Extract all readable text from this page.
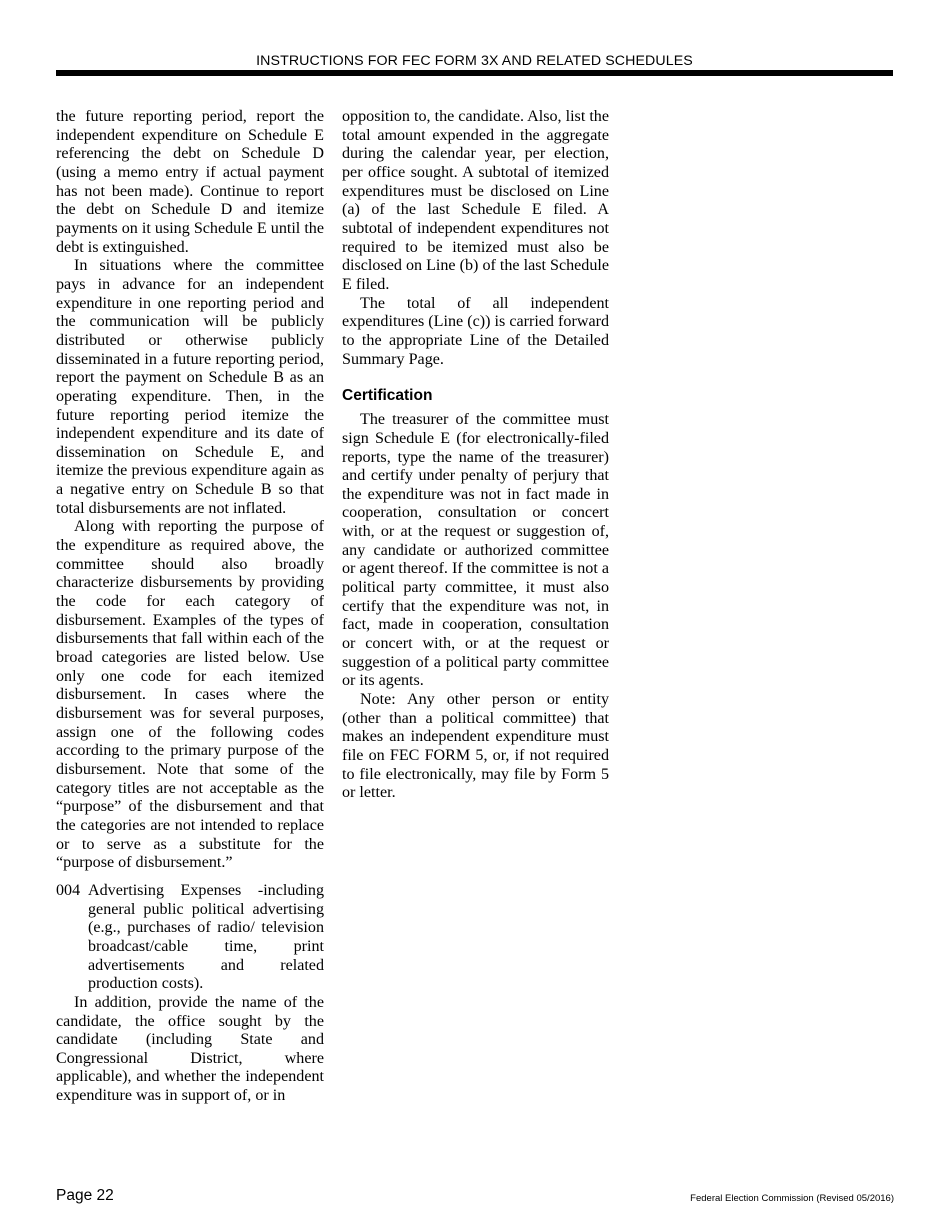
INSTRUCTIONS FOR FEC FORM 3X AND RELATED SCHEDULES

the future reporting period, report the independent expenditure on Schedule E referencing the debt on Schedule D (using a memo entry if actual payment has not been made). Continue to report the debt on Schedule D and itemize payments on it using Schedule E until the debt is extinguished.

In situations where the committee pays in advance for an independent expenditure in one reporting period and the communication will be publicly distributed or otherwise publicly disseminated in a future reporting period, report the payment on Schedule B as an operating expenditure. Then, in the future reporting period itemize the independent expenditure and its date of dissemination on Schedule E, and itemize the previous expenditure again as a negative entry on Schedule B so that total disbursements are not inflated.

Along with reporting the purpose of the expenditure as required above, the committee should also broadly characterize disbursements by providing the code for each category of disbursement. Examples of the types of disbursements that fall within each of the broad categories are listed below. Use only one code for each itemized disbursement. In cases where the disbursement was for several purposes, assign one of the following codes according to the primary purpose of the disbursement. Note that some of the category titles are not acceptable as the “purpose” of the disbursement and that the categories are not intended to replace or to serve as a substitute for the “purpose of disbursement.”

004 Advertising Expenses -including general public political advertising (e.g., purchases of radio/ television broadcast/cable time, print advertisements and related production costs).

In addition, provide the name of the candidate, the office sought by the candidate (including State and Congressional District, where applicable), and whether the independent expenditure was in support of, or in

opposition to, the candidate. Also, list the total amount expended in the aggregate during the calendar year, per election, per office sought. A subtotal of itemized expenditures must be disclosed on Line (a) of the last Schedule E filed. A subtotal of independent expenditures not required to be itemized must also be disclosed on Line (b) of the last Schedule E filed.

The total of all independent expenditures (Line (c)) is carried forward to the appropriate Line of the Detailed Summary Page.

Certification

The treasurer of the committee must sign Schedule E (for electronically-filed reports, type the name of the treasurer) and certify under penalty of perjury that the expenditure was not in fact made in cooperation, consultation or concert with, or at the request or suggestion of, any candidate or authorized committee or agent thereof. If the committee is not a political party committee, it must also certify that the expenditure was not, in fact, made in cooperation, consultation or concert with, or at the request or suggestion of a political party committee or its agents.

Note: Any other person or entity (other than a political committee) that makes an independent expenditure must file on FEC FORM 5, or, if not required to file electronically, may file by Form 5 or letter.

Page 22	Federal Election Commission (Revised 05/2016)
